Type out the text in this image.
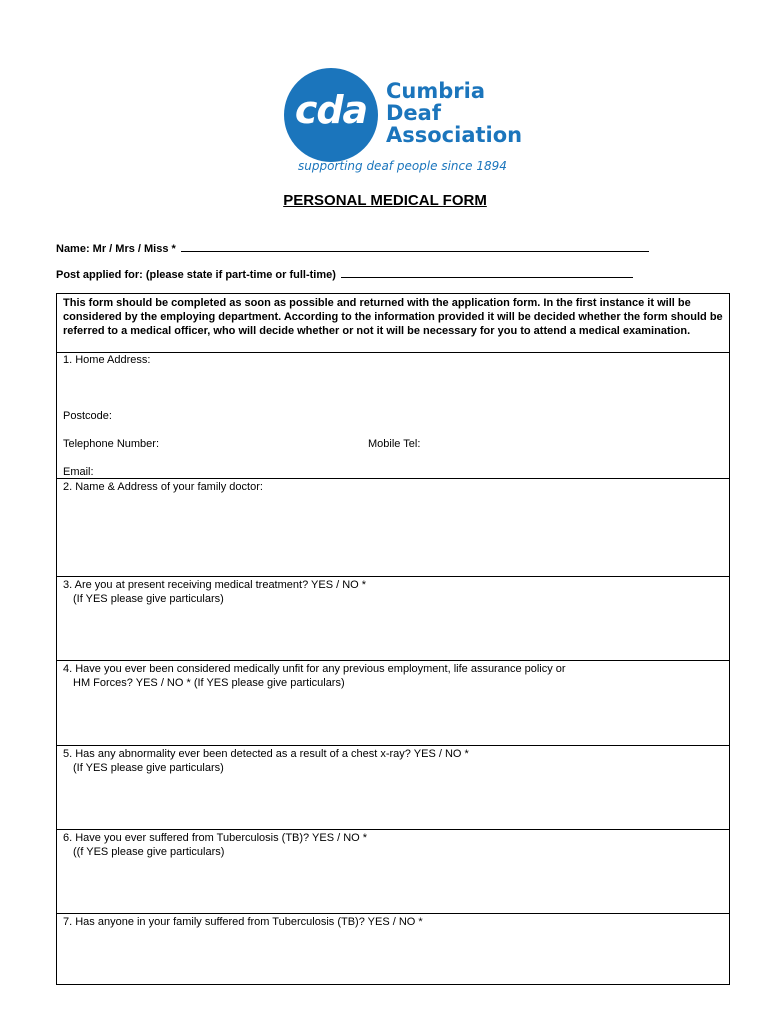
cda Cumbria
Deaf
Association
supporting deaf people since 1894
PERSONAL MEDICAL FORM
Name: Mr / Mrs / Miss *
Post applied for: (please state if part-time or full-time)
This form should be completed as soon as possible and returned with the application form. In the first instance it will be considered by the employing department. According to the information provided it will be decided whether the form should be referred to a medical officer, who will decide whether or not it will be necessary for you to attend a medical examination.
1. Home Address:
Postcode:
Telephone Number:	Mobile Tel:
Email:
2. Name & Address of your family doctor:
3. Are you at present receiving medical treatment? YES / NO *
(If YES please give particulars)
4. Have you ever been considered medically unfit for any previous employment, life assurance policy or
HM Forces? YES / NO * (If YES please give particulars)
5. Has any abnormality ever been detected as a result of a chest x-ray? YES / NO *
(If YES please give particulars)
6. Have you ever suffered from Tuberculosis (TB)? YES / NO *
((f YES please give particulars)
7. Has anyone in your family suffered from Tuberculosis (TB)? YES / NO *
